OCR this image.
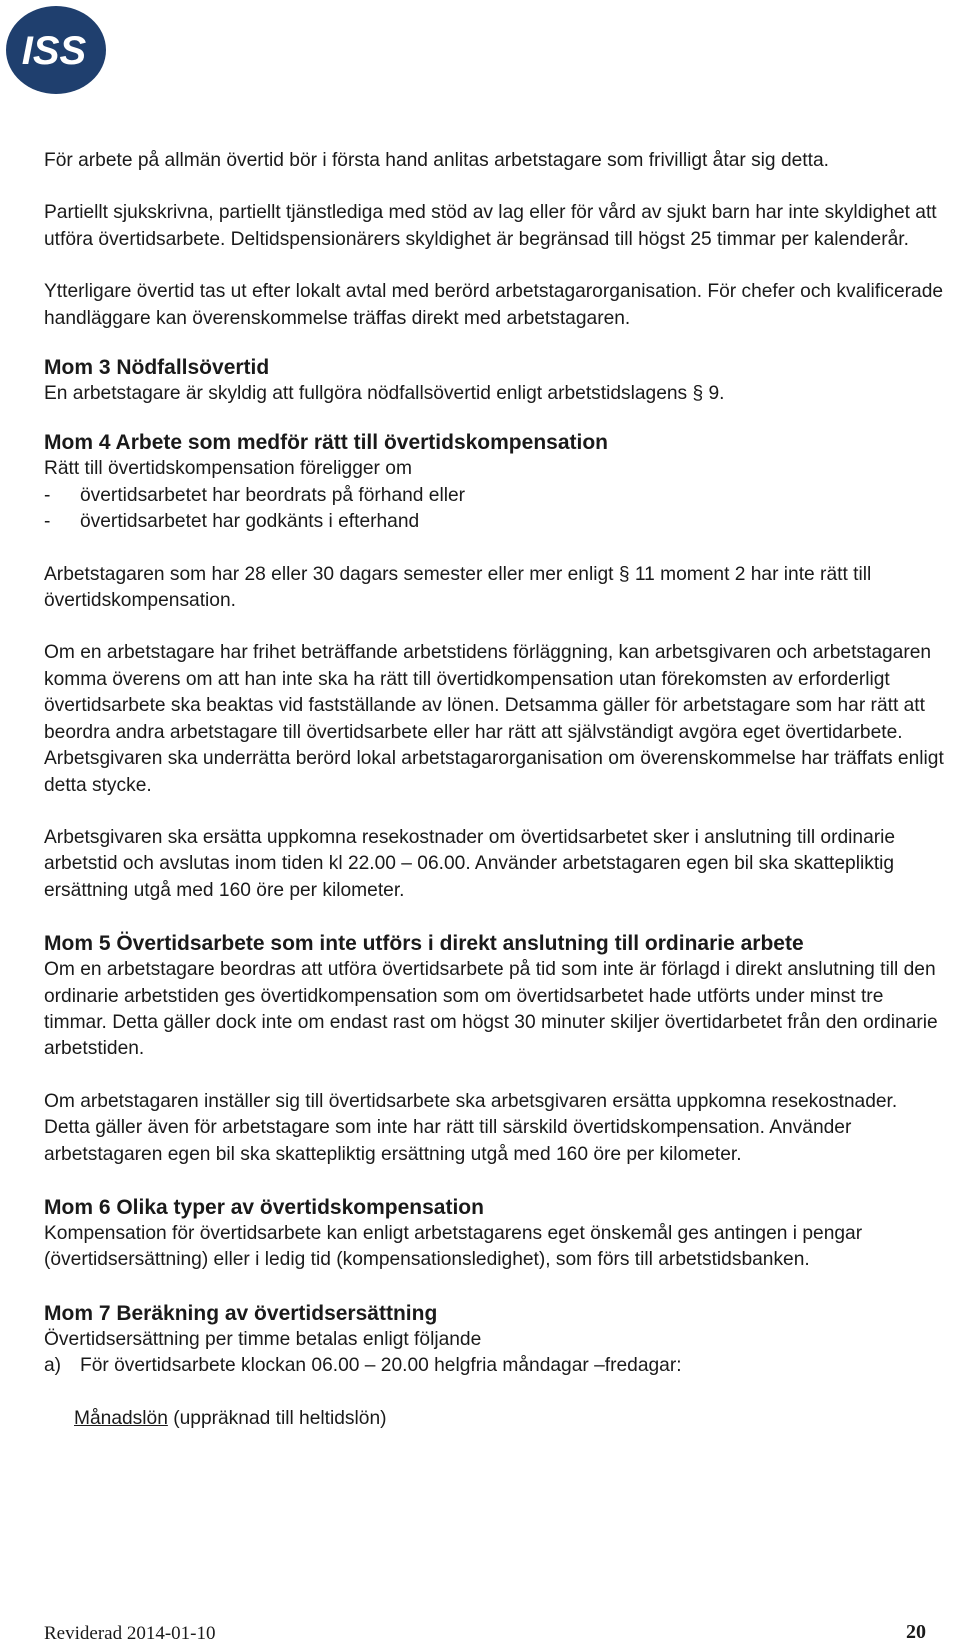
ISS

För arbete på allmän övertid bör i första hand anlitas arbetstagare som frivilligt åtar sig detta.

Partiellt sjukskrivna, partiellt tjänstlediga med stöd av lag eller för vård av sjukt barn har inte skyldighet att utföra övertidsarbete. Deltidspensionärers skyldighet är begränsad till högst 25 timmar per kalenderår.

Ytterligare övertid tas ut efter lokalt avtal med berörd arbetstagarorganisation. För chefer och kvalificerade handläggare kan överenskommelse träffas direkt med arbetstagaren.

Mom 3 Nödfallsövertid

En arbetstagare är skyldig att fullgöra nödfallsövertid enligt arbetstidslagens § 9.

Mom 4 Arbete som medför rätt till övertidskompensation

Rätt till övertidskompensation föreligger om

-	övertidsarbetet har beordrats på förhand eller
-	övertidsarbetet har godkänts i efterhand

Arbetstagaren som har 28 eller 30 dagars semester eller mer enligt § 11 moment 2 har inte rätt till övertidskompensation.

Om en arbetstagare har frihet beträffande arbetstidens förläggning, kan arbetsgivaren och arbetstagaren komma överens om att han inte ska ha rätt till övertidkompensation utan förekomsten av erforderligt övertidsarbete ska beaktas vid fastställande av lönen. Detsamma gäller för arbetstagare som har rätt att beordra andra arbetstagare till övertidsarbete eller har rätt att självständigt avgöra eget övertidarbete. Arbetsgivaren ska underrätta berörd lokal arbetstagarorganisation om överenskommelse har träffats enligt detta stycke.

Arbetsgivaren ska ersätta uppkomna resekostnader om övertidsarbetet sker i anslutning till ordinarie arbetstid och avslutas inom tiden kl 22.00 – 06.00. Använder arbetstagaren egen bil ska skattepliktig ersättning utgå med 160 öre per kilometer.

Mom 5 Övertidsarbete som inte utförs i direkt anslutning till ordinarie arbete

Om en arbetstagare beordras att utföra övertidsarbete på tid som inte är förlagd i direkt anslutning till den ordinarie arbetstiden ges övertidkompensation som om övertidsarbetet hade utförts under minst tre timmar. Detta gäller dock inte om endast rast om högst 30 minuter skiljer övertidarbetet från den ordinarie arbetstiden.

Om arbetstagaren inställer sig till övertidsarbete ska arbetsgivaren ersätta uppkomna resekostnader. Detta gäller även för arbetstagare som inte har rätt till särskild övertidskompensation. Använder arbetstagaren egen bil ska skattepliktig ersättning utgå med 160 öre per kilometer.

Mom 6 Olika typer av övertidskompensation

Kompensation för övertidsarbete kan enligt arbetstagarens eget önskemål ges antingen i pengar (övertidsersättning) eller i ledig tid (kompensationsledighet), som förs till arbetstidsbanken.

Mom 7 Beräkning av övertidsersättning

Övertidsersättning per timme betalas enligt följande

a) För övertidsarbete klockan 06.00 – 20.00 helgfria måndagar –fredagar:

Månadslön (uppräknad till heltidslön)

Reviderad 2014-01-10	20
